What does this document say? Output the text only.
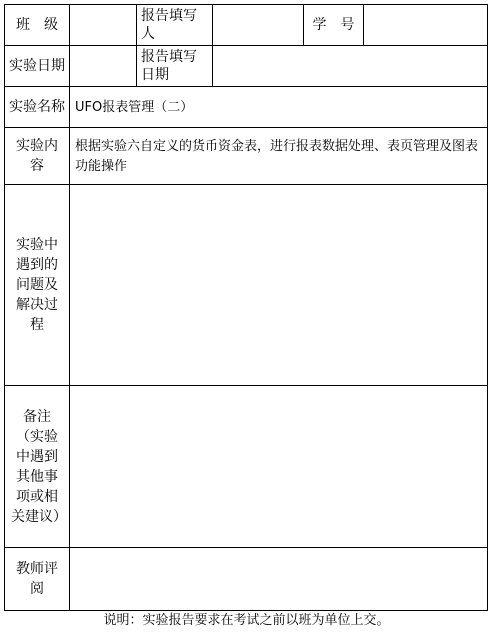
班　级
报告填写人
学　号
实验日期
报告填写日期
实验名称 UFO报表管理（二）
实验内容
根据实验六自定义的货币资金表，进行报表数据处理、表页管理及图表功能操作
实验中遇到的问题及解决过程
备注（实验中遇到其他事项或相关建议）
教师评阅
说明：实验报告要求在考试之前以班为单位上交。
